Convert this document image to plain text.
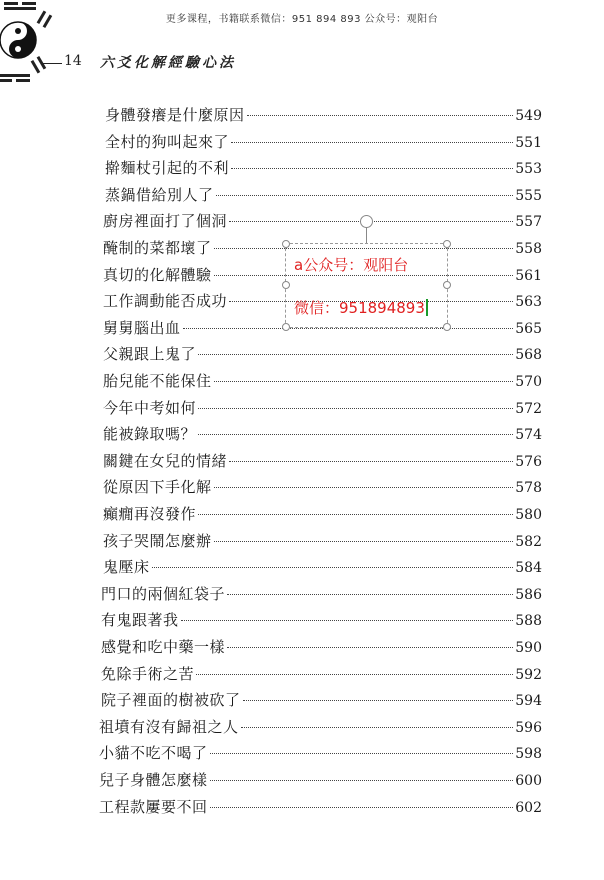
更多课程，书籍联系微信：951 894 893 公众号：观阳台
14 六爻化解經驗心法
身體發癢是什麼原因	549
全村的狗叫起來了	551
擀麵杖引起的不利	553
蒸鍋借給別人了	555
廚房裡面打了個洞	557
醃制的菜都壞了	558
真切的化解體驗	561
工作調動能否成功	563
舅舅腦出血	565
父親跟上鬼了	568
胎兒能不能保住	570
今年中考如何	572
能被錄取嗎？	574
關鍵在女兒的情緒	576
從原因下手化解	578
癲癇再沒發作	580
孩子哭鬧怎麼辦	582
鬼壓床	584
門口的兩個紅袋子	586
有鬼跟著我	588
感覺和吃中藥一樣	590
免除手術之苦	592
院子裡面的樹被砍了	594
祖墳有沒有歸祖之人	596
小貓不吃不喝了	598
兒子身體怎麼樣	600
工程款屢要不回	602
a公众号：观阳台
微信：951894893
